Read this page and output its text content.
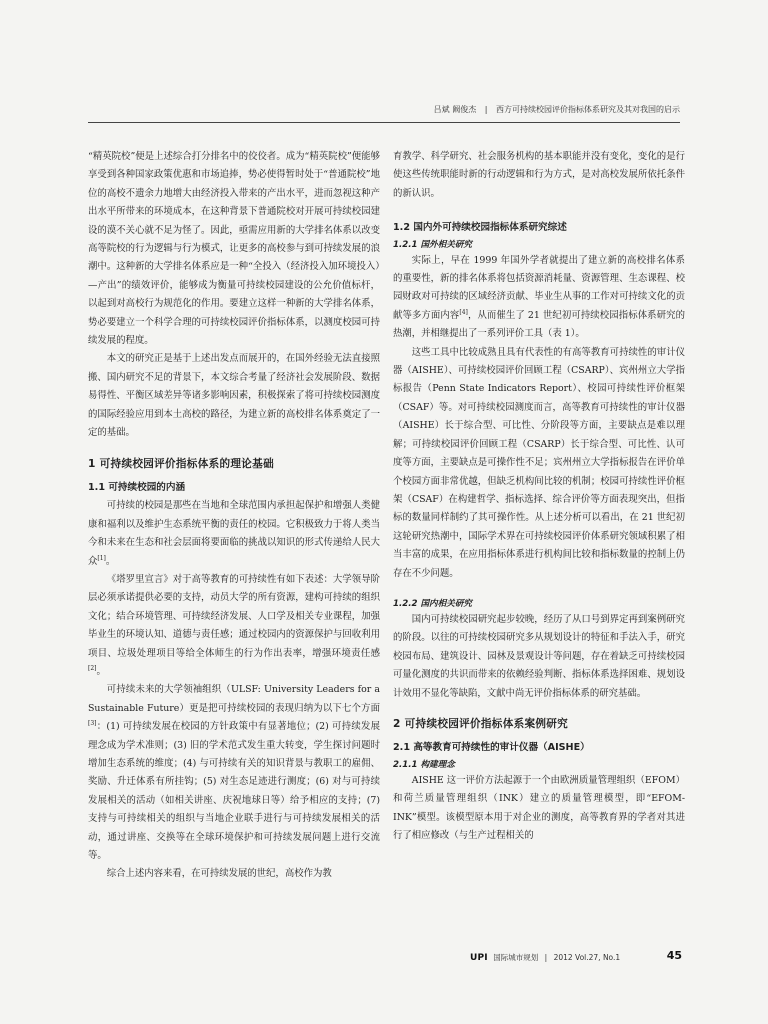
吕斌 阚俊杰 | 西方可持续校园评价指标体系研究及其对我国的启示

“精英院校”便是上述综合打分排名中的佼佼者。成为“精英院校”便能够享受到各种国家政策优惠和市场追捧，势必使得暂时处于“普通院校”地位的高校不遗余力地增大由经济投入带来的产出水平，进而忽视这种产出水平所带来的环境成本，在这种背景下普通院校对开展可持续校园建设的漠不关心就不足为怪了。因此，亟需应用新的大学排名体系以改变高等院校的行为逻辑与行为模式，让更多的高校参与到可持续发展的浪潮中。这种新的大学排名体系应是一种“全投入（经济投入加环境投入）—产出”的绩效评价，能够成为衡量可持续校园建设的公允价值标杆，以起到对高校行为规范化的作用。要建立这样一种新的大学排名体系，势必要建立一个科学合理的可持续校园评价指标体系，以测度校园可持续发展的程度。

本文的研究正是基于上述出发点而展开的，在国外经验无法直接照搬、国内研究不足的背景下，本文综合考量了经济社会发展阶段、数据易得性、平衡区域差异等诸多影响因素，积极探索了将可持续校园测度的国际经验应用到本土高校的路径，为建立新的高校排名体系奠定了一定的基础。

1 可持续校园评价指标体系的理论基础
1.1 可持续校园的内涵

可持续的校园是那些在当地和全球范围内承担起保护和增强人类健康和福利以及维护生态系统平衡的责任的校园。它积极致力于将人类当今和未来在生态和社会层面将要面临的挑战以知识的形式传递给人民大众[1]。

《塔罗里宣言》对于高等教育的可持续性有如下表述：大学领导阶层必须承诺提供必要的支持，动员大学的所有资源，建构可持续的组织文化；结合环境管理、可持续经济发展、人口学及相关专业课程，加强毕业生的环境认知、道德与责任感；通过校园内的资源保护与回收利用项目、垃圾处理项目等给全体师生的行为作出表率，增强环境责任感[2]。

可持续未来的大学领袖组织（ULSF: University Leaders for a Sustainable Future）更是把可持续校园的表现归纳为以下七个方面[3]：(1) 可持续发展在校园的方针政策中有显著地位；(2) 可持续发展理念成为学术准则；(3) 旧的学术范式发生重大转变，学生探讨问题时增加生态系统的维度；(4) 与可持续有关的知识背景与教职工的雇佣、奖励、升迁体系有所挂钩；(5) 对生态足迹进行测度；(6) 对与可持续发展相关的活动（如相关讲座、庆祝地球日等）给予相应的支持；(7) 支持与可持续相关的组织与当地企业联手进行与可持续发展相关的活动，通过讲座、交换等在全球环境保护和可持续发展问题上进行交流等。

综合上述内容来看，在可持续发展的世纪，高校作为教

育教学、科学研究、社会服务机构的基本职能并没有变化，变化的是行使这些传统职能时新的行动逻辑和行为方式，是对高校发展所依托条件的新认识。

1.2 国内外可持续校园指标体系研究综述
1.2.1 国外相关研究

实际上，早在 1999 年国外学者就提出了建立新的高校排名体系的重要性，新的排名体系将包括资源消耗量、资源管理、生态课程、校园财政对可持续的区域经济贡献、毕业生从事的工作对可持续文化的贡献等多方面内容[4]，从而催生了 21 世纪初可持续校园指标体系研究的热潮，并相继提出了一系列评价工具（表 1）。

这些工具中比较成熟且具有代表性的有高等教育可持续性的审计仪器（AISHE）、可持续校园评价回顾工程（CSARP）、宾州州立大学指标报告（Penn State Indicators Report）、校园可持续性评价框架（CSAF）等。对可持续校园测度而言，高等教育可持续性的审计仪器（AISHE）长于综合型、可比性、分阶段等方面，主要缺点是难以理解；可持续校园评价回顾工程（CSARP）长于综合型、可比性、认可度等方面，主要缺点是可操作性不足；宾州州立大学指标报告在评价单个校园方面非常优越，但缺乏机构间比较的机制；校园可持续性评价框架（CSAF）在构建哲学、指标选择、综合评价等方面表现突出，但指标的数量同样制约了其可操作性。从上述分析可以看出，在 21 世纪初这轮研究热潮中，国际学术界在可持续校园评价体系研究领域积累了相当丰富的成果，在应用指标体系进行机构间比较和指标数量的控制上仍存在不少问题。

1.2.2 国内相关研究

国内可持续校园研究起步较晚，经历了从口号到界定再到案例研究的阶段。以往的可持续校园研究多从规划设计的特征和手法入手，研究校园布局、建筑设计、园林及景观设计等问题，存在着缺乏可持续校园可量化测度的共识而带来的依赖经验判断、指标体系选择困难、规划设计效用不显化等缺陷，文献中尚无评价指标体系的研究基础。

2 可持续校园评价指标体系案例研究
2.1 高等教育可持续性的审计仪器（AISHE）
2.1.1 构建理念

AISHE 这一评价方法起源于一个由欧洲质量管理组织（EFOM）和荷兰质量管理组织（INK）建立的质量管理模型，即“EFOM-INK”模型。该模型原本用于对企业的测度，高等教育界的学者对其进行了相应修改（与生产过程相关的

UPI 国际城市规划 | 2012 Vol.27, No.1	45
